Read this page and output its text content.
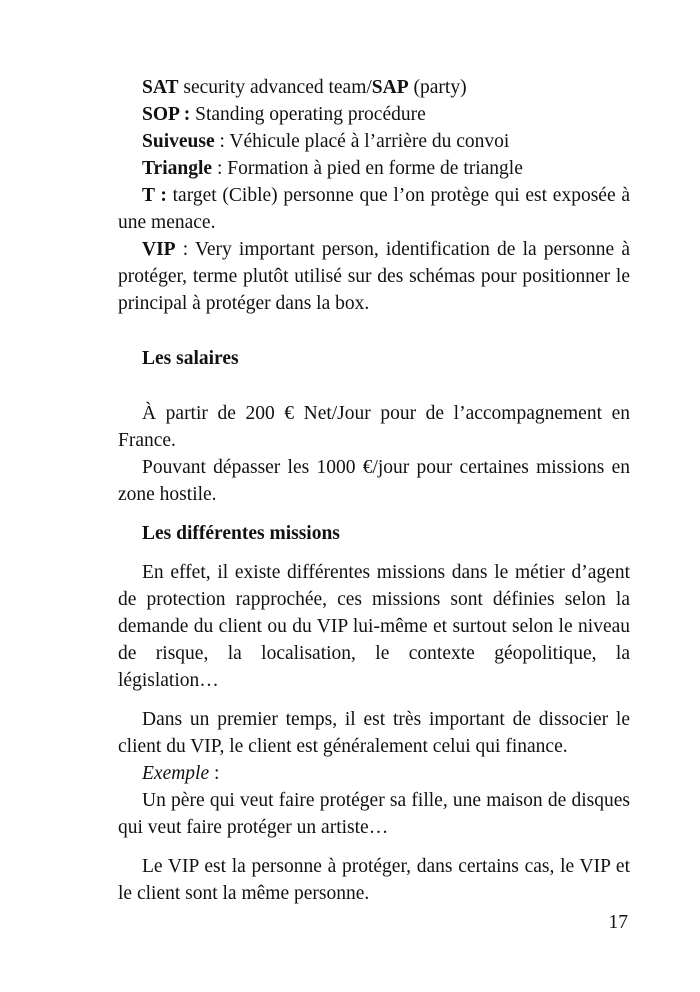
SAT security advanced team/SAP (party)

SOP : Standing operating procédure

Suiveuse : Véhicule placé à l’arrière du convoi

Triangle : Formation à pied en forme de triangle

T : target (Cible) personne que l’on protège qui est exposée à une menace.

VIP : Very important person, identification de la personne à protéger, terme plutôt utilisé sur des schémas pour positionner le principal à protéger dans la box.

Les salaires

À partir de 200 € Net/Jour pour de l’accompagnement en France.

Pouvant dépasser les 1000 €/jour pour certaines missions en zone hostile.

Les différentes missions

En effet, il existe différentes missions dans le métier d’agent de protection rapprochée, ces missions sont définies selon la demande du client ou du VIP lui-même et surtout selon le niveau de risque, la localisation, le contexte géopolitique, la législation…

Dans un premier temps, il est très important de dissocier le client du VIP, le client est généralement celui qui finance.

Exemple :

Un père qui veut faire protéger sa fille, une maison de disques qui veut faire protéger un artiste…

Le VIP est la personne à protéger, dans certains cas, le VIP et le client sont la même personne.

17
